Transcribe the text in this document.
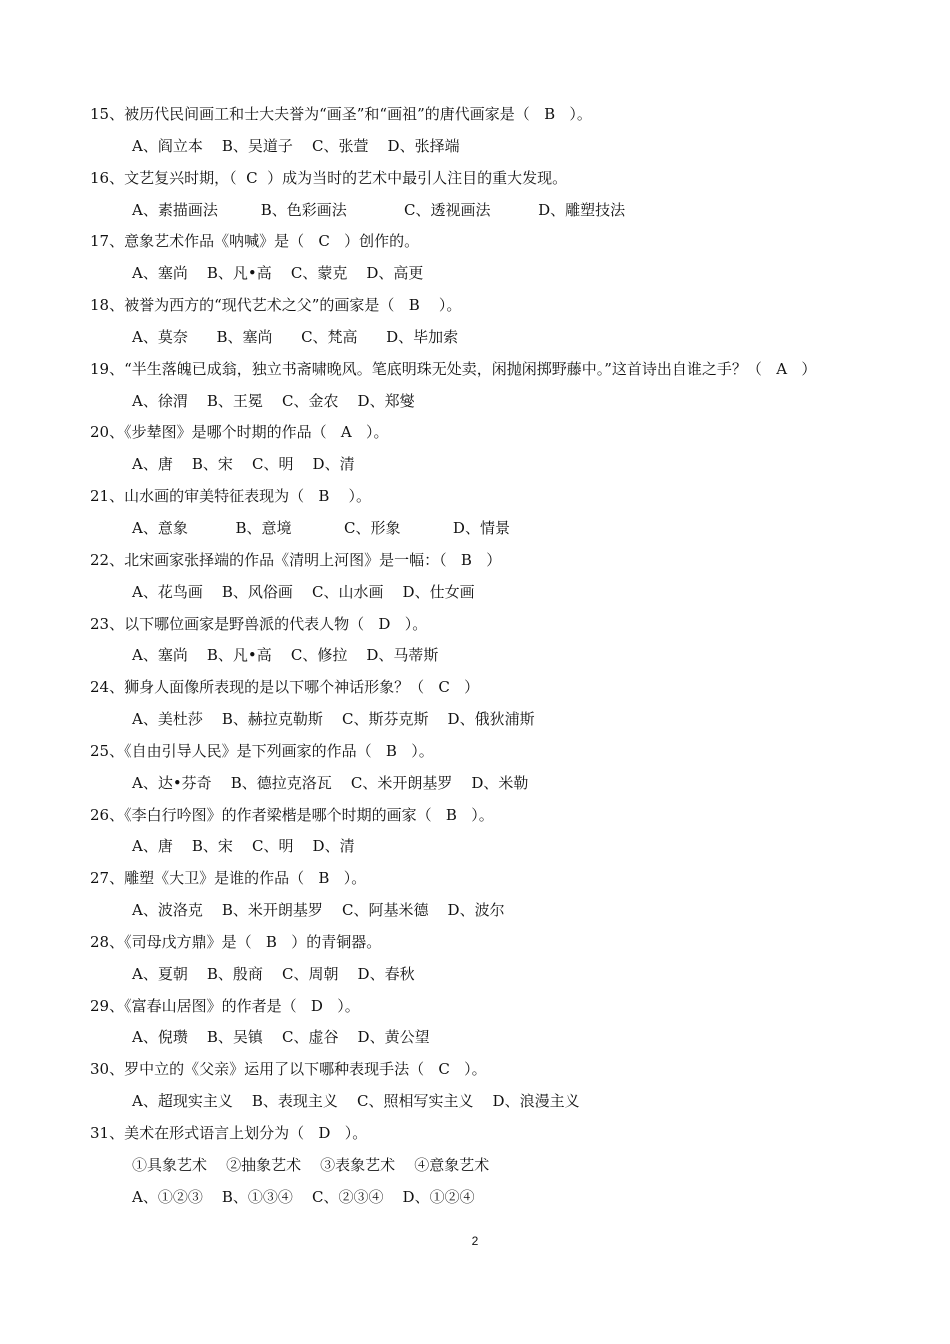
15、被历代民间画工和士大夫誉为“画圣”和“画祖”的唐代画家是（   B   ）。
A、阎立本    B、吴道子    C、张萱    D、张择端
16、文艺复兴时期，（  C  ）成为当时的艺术中最引人注目的重大发现。
A、素描画法         B、色彩画法            C、透视画法          D、雕塑技法
17、意象艺术作品《呐喊》是（   C   ）创作的。
A、塞尚    B、凡•高    C、蒙克    D、高更
18、被誉为西方的“现代艺术之父”的画家是（   B    ）。
A、莫奈      B、塞尚      C、梵高      D、毕加索
19、“半生落魄已成翁，独立书斋啸晚风。笔底明珠无处卖，闲抛闲掷野藤中。”这首诗出自谁之手？（   A   ）
A、徐渭    B、王冕    C、金农    D、郑燮
20、《步辇图》是哪个时期的作品（   A   ）。
A、唐    B、宋    C、明    D、清
21、山水画的审美特征表现为（   B    ）。
A、意象          B、意境           C、形象           D、情景
22、北宋画家张择端的作品《清明上河图》是一幅：（   B   ）
A、花鸟画    B、风俗画    C、山水画    D、仕女画
23、以下哪位画家是野兽派的代表人物（   D   ）。
A、塞尚    B、凡•高    C、修拉    D、马蒂斯
24、狮身人面像所表现的是以下哪个神话形象？（   C   ）
A、美杜莎    B、赫拉克勒斯    C、斯芬克斯    D、俄狄浦斯
25、《自由引导人民》是下列画家的作品（   B   ）。
A、达•芬奇    B、德拉克洛瓦    C、米开朗基罗    D、米勒
26、《李白行吟图》的作者梁楷是哪个时期的画家（   B   ）。
A、唐    B、宋    C、明    D、清
27、雕塑《大卫》是谁的作品（   B   ）。
A、波洛克    B、米开朗基罗    C、阿基米德    D、波尔
28、《司母戊方鼎》是（   B   ）的青铜器。
A、夏朝    B、殷商    C、周朝    D、春秋
29、《富春山居图》的作者是（   D   ）。
A、倪瓒    B、吴镇    C、虚谷    D、黄公望
30、罗中立的《父亲》运用了以下哪种表现手法（   C   ）。
A、超现实主义    B、表现主义    C、照相写实主义    D、浪漫主义
31、美术在形式语言上划分为（   D   ）。
①具象艺术    ②抽象艺术    ③表象艺术    ④意象艺术
A、①②③    B、①③④    C、②③④    D、①②④
2
